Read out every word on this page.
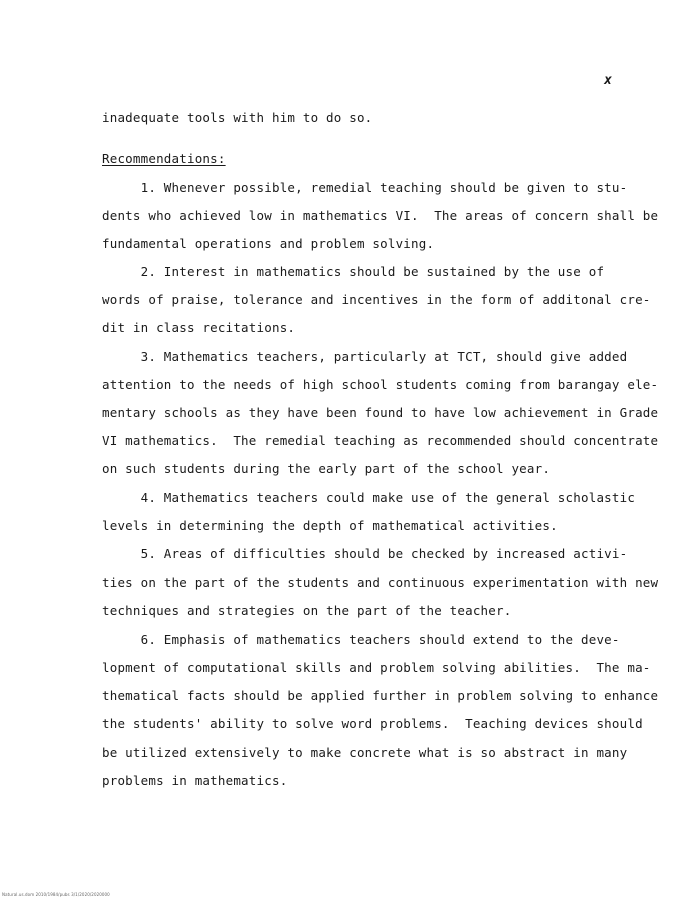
x
inadequate tools with him to do so.
Recommendations:
1. Whenever possible, remedial teaching should be given to stu-
dents who achieved low in mathematics VI.  The areas of concern shall be
fundamental operations and problem solving.
2. Interest in mathematics should be sustained by the use of
words of praise, tolerance and incentives in the form of additonal cre-
dit in class recitations.
3. Mathematics teachers, particularly at TCT, should give added
attention to the needs of high school students coming from barangay ele-
mentary schools as they have been found to have low achievement in Grade
VI mathematics.  The remedial teaching as recommended should concentrate
on such students during the early part of the school year.
4. Mathematics teachers could make use of the general scholastic
levels in determining the depth of mathematical activities.
5. Areas of difficulties should be checked by increased activi-
ties on the part of the students and continuous experimentation with new
techniques and strategies on the part of the teacher.
6. Emphasis of mathematics teachers should extend to the deve-
lopment of computational skills and problem solving abilities.  The ma-
thematical facts should be applied further in problem solving to enhance
the students' ability to solve word problems.  Teaching devices should
be utilized extensively to make concrete what is so abstract in many
problems in mathematics.
Natural.us.dom 2010/1984/pubs 3/1/2020/2020000
